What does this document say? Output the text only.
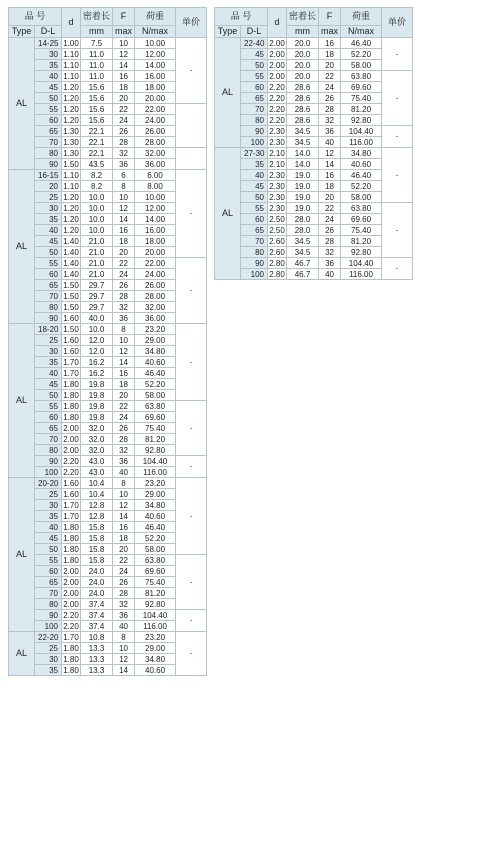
品 号		d	密着长	F	荷重	单价
Type	D-L		mm	max	N/max	
AL	14-25	1.00	7.5	10	10.00	·
	30	1.10	11.0	12	12.00	
	35	1.10	11.0	14	14.00	
	40	1.10	11.0	16	16.00	
	45	1.20	15.6	18	18.00	
	50	1.20	15.6	20	20.00	
	55	1.20	15.6	22	22.00	
	60	1.20	15.6	24	24.00	
	65	1.30	22.1	26	26.00	
	70	1.30	22.1	28	28.00	
	80	1.30	22.1	32	32.00	
	90	1.50	43.5	36	36.00	
AL	16-15	1.10	8.2	6	6.00	·
	20	1.10	8.2	8	8.00	
	25	1.20	10.0	10	10.00	
	30	1.20	10.0	12	12.00	
	35	1.20	10.0	14	14.00	
	40	1.20	10.0	16	16.00	
	45	1.40	21.0	18	18.00	
	50	1.40	21.0	20	20.00	
	55	1.40	21.0	22	22.00	·
	60	1.40	21.0	24	24.00	
	65	1.50	29.7	26	26.00	
	70	1.50	29.7	28	28.00	
	80	1.50	29.7	32	32.00	
	90	1.60	40.0	36	36.00	
AL	18-20	1.50	10.0	8	23.20	·
	25	1.60	12.0	10	29.00	
	30	1.60	12.0	12	34.80	
	35	1.70	16.2	14	40.60	
	40	1.70	16.2	16	46.40	
	45	1.80	19.8	18	52.20	
	50	1.80	19.8	20	58.00	
	55	1.80	19.8	22	63.80	·
	60	1.80	19.8	24	69.60	
	65	2.00	32.0	26	75.40	
	70	2.00	32.0	28	81.20	
	80	2.00	32.0	32	92.80	
	90	2.20	43.0	36	104.40	·
	100	2.20	43.0	40	116.00	
AL	20-20	1.60	10.4	8	23.20	·
	25	1.60	10.4	10	29.00	
	30	1.70	12.8	12	34.80	
	35	1.70	12.8	14	40.60	
	40	1.80	15.8	16	46.40	
	45	1.80	15.8	18	52.20	
	50	1.80	15.8	20	58.00	
	55	1.80	15.8	22	63.80	·
	60	2.00	24.0	24	69.60	
	65	2.00	24.0	26	75.40	
	70	2.00	24.0	28	81.20	
	80	2.00	37.4	32	92.80	
	90	2.20	37.4	36	104.40	·
	100	2.20	37.4	40	116.00	
AL	22-20	1.70	10.8	8	23.20	·
	25	1.80	13.3	10	29.00	
	30	1.80	13.3	12	34.80	
	35	1.80	13.3	14	40.60	
品 号		d	密着长	F	荷重	单价
Type	D-L		mm	max	N/max	
AL	22-40	2.00	20.0	16	46.40	·
	45	2.00	20.0	18	52.20	
	50	2.00	20.0	20	58.00	
	55	2.00	20.0	22	63.80	·
	60	2.20	28.6	24	69.60	
	65	2.20	28.6	26	75.40	
	70	2.20	28.6	28	81.20	
	80	2.20	28.6	32	92.80	
	90	2.30	34.5	36	104.40	·
	100	2.30	34.5	40	116.00	
AL	27-30	2.10	14.0	12	34.80	·
	35	2.10	14.0	14	40.60	
	40	2.30	19.0	16	46.40	
	45	2.30	19.0	18	52.20	
	50	2.30	19.0	20	58.00	
	55	2.30	19.0	22	63.80	·
	60	2.50	28.0	24	69.60	
	65	2.50	28.0	26	75.40	
	70	2.60	34.5	28	81.20	
	80	2.60	34.5	32	92.80	
	90	2.80	46.7	36	104.40	·
	100	2.80	46.7	40	116.00	
